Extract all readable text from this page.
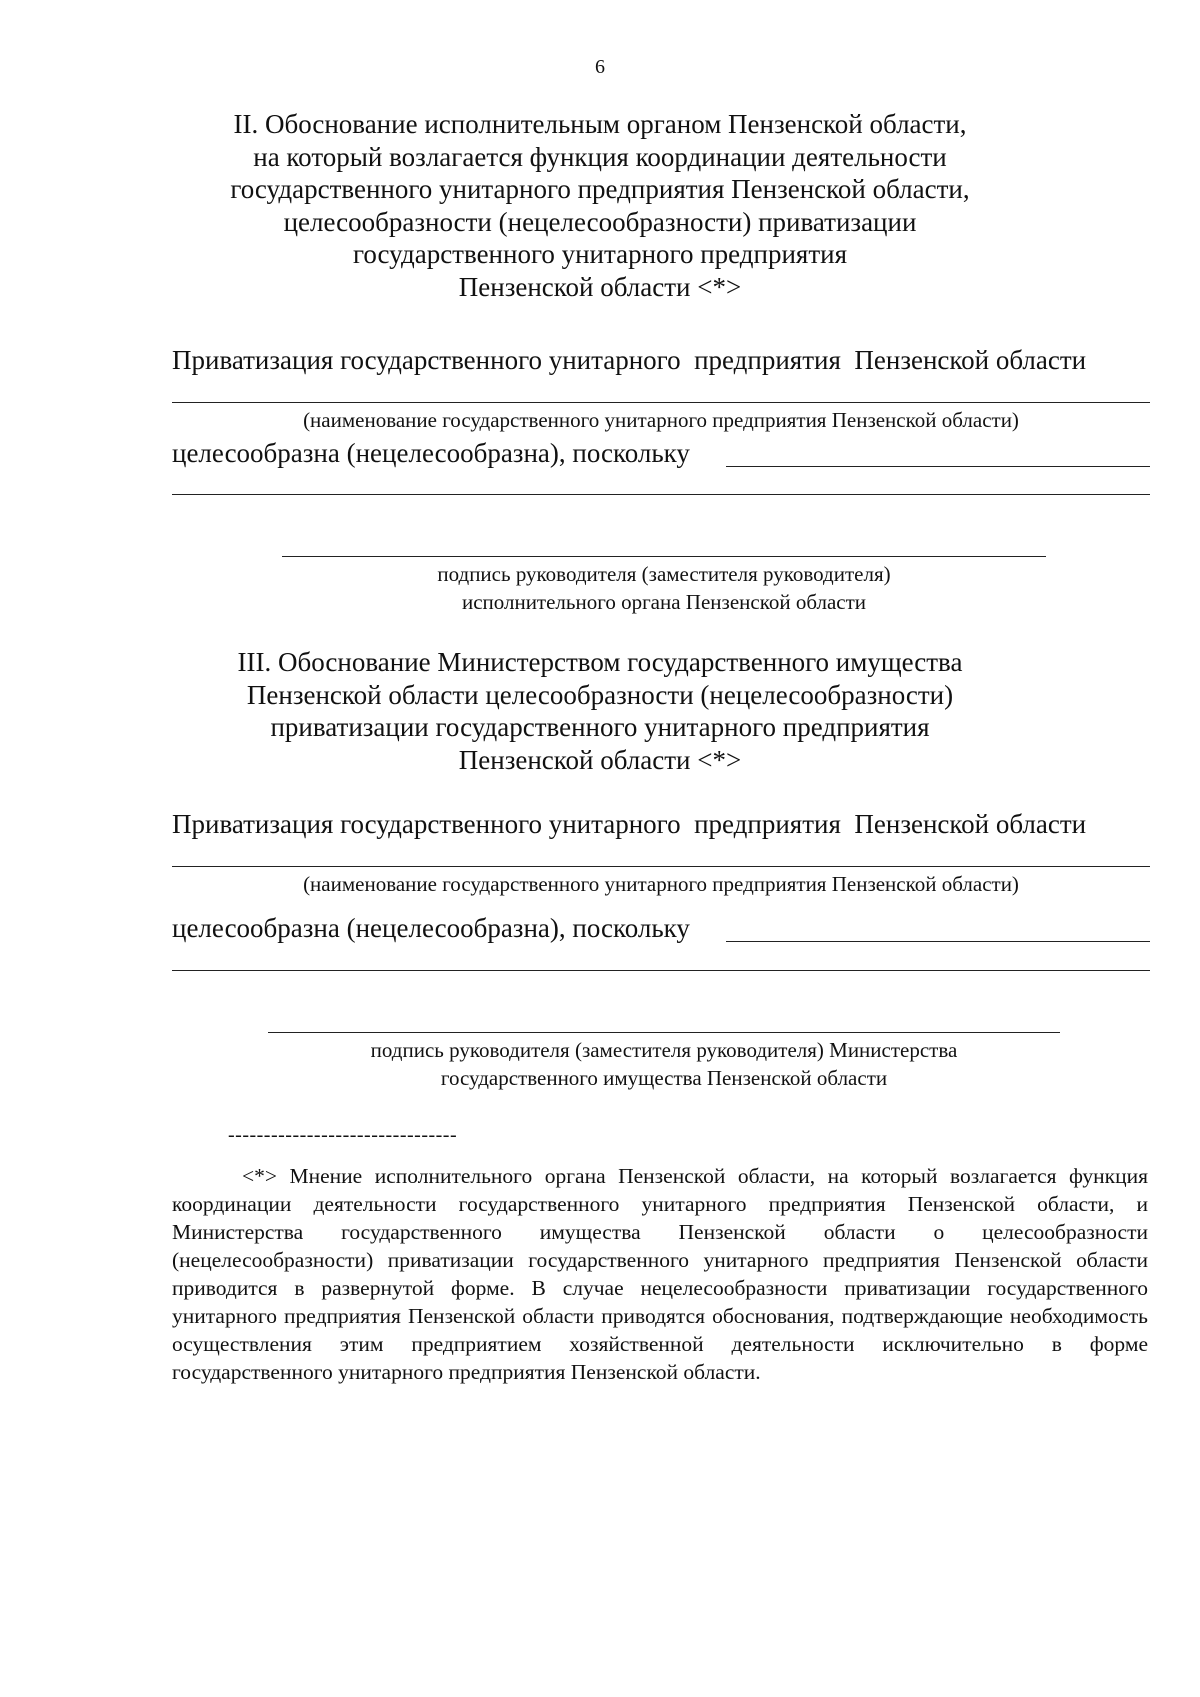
6
II. Обоснование исполнительным органом Пензенской области,
на который возлагается функция координации деятельности
государственного унитарного предприятия Пензенской области,
целесообразности (нецелесообразности) приватизации
государственного унитарного предприятия
Пензенской области <*>
Приватизация государственного унитарного  предприятия  Пензенской области
(наименование государственного унитарного предприятия Пензенской области)
целесообразна (нецелесообразна), поскольку
подпись руководителя (заместителя руководителя)
исполнительного органа Пензенской области
III. Обоснование Министерством государственного имущества
Пензенской области целесообразности (нецелесообразности)
приватизации государственного унитарного предприятия
Пензенской области <*>
Приватизация государственного унитарного  предприятия  Пензенской области
(наименование государственного унитарного предприятия Пензенской области)
целесообразна (нецелесообразна), поскольку
подпись руководителя (заместителя руководителя) Министерства
государственного имущества Пензенской области
--------------------------------
<*> Мнение исполнительного органа Пензенской области, на который возлагается функция координации деятельности государственного унитарного предприятия Пензенской области, и Министерства государственного имущества Пензенской области о целесообразности (нецелесообразности) приватизации государственного унитарного предприятия Пензенской области приводится в развернутой форме. В случае нецелесообразности приватизации государственного унитарного предприятия Пензенской области приводятся обоснования, подтверждающие необходимость осуществления этим предприятием хозяйственной деятельности исключительно в форме государственного унитарного предприятия Пензенской области.
